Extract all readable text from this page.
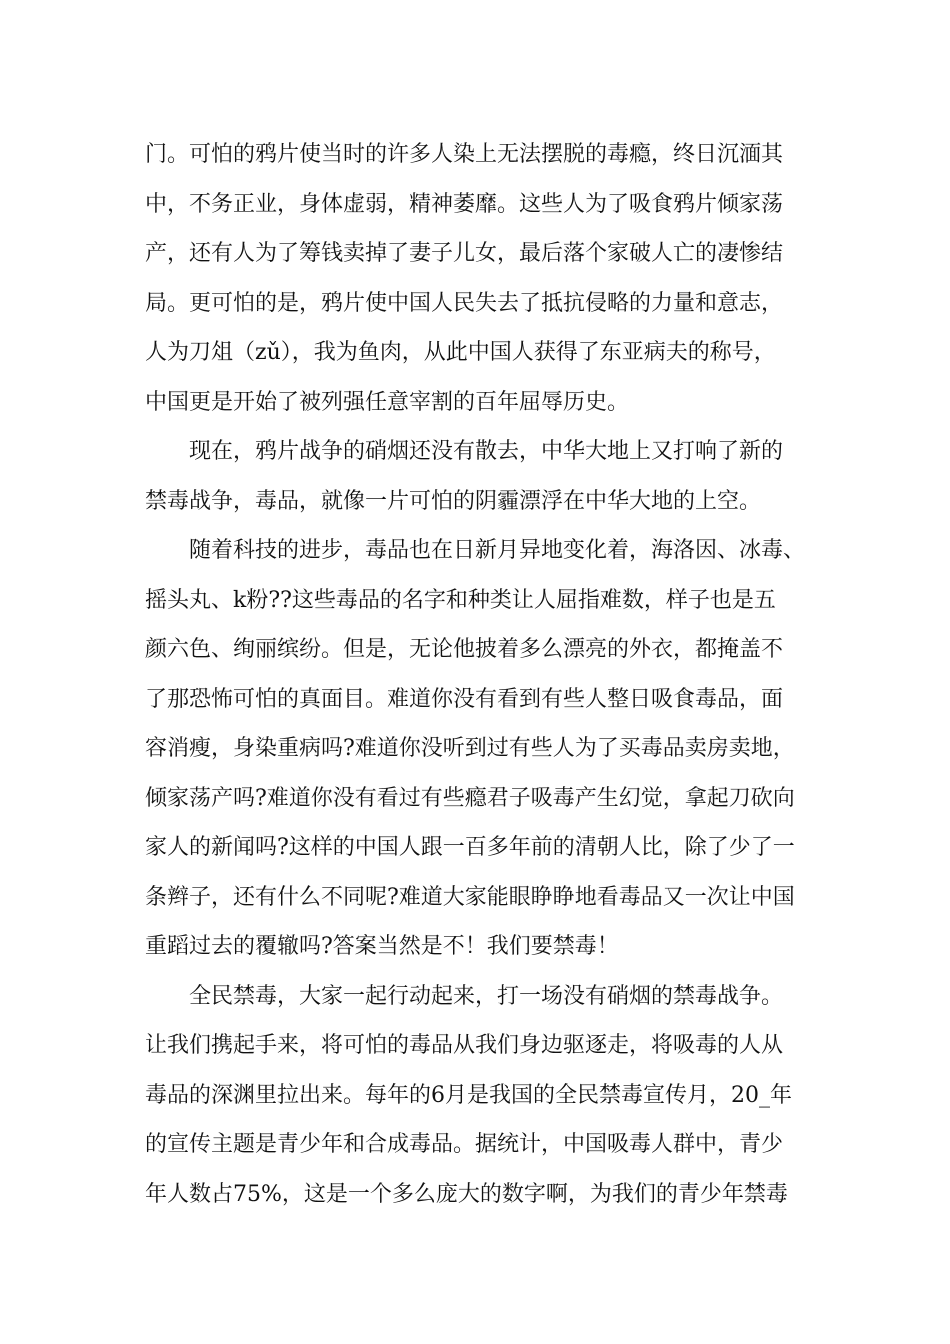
门。可怕的鸦片使当时的许多人染上无法摆脱的毒瘾，终日沉湎其
中，不务正业，身体虚弱，精神萎靡。这些人为了吸食鸦片倾家荡
产，还有人为了筹钱卖掉了妻子儿女，最后落个家破人亡的凄惨结
局。更可怕的是，鸦片使中国人民失去了抵抗侵略的力量和意志，
人为刀俎（zǔ），我为鱼肉，从此中国人获得了东亚病夫的称号，
中国更是开始了被列强任意宰割的百年屈辱历史。
现在，鸦片战争的硝烟还没有散去，中华大地上又打响了新的
禁毒战争，毒品，就像一片可怕的阴霾漂浮在中华大地的上空。
随着科技的进步，毒品也在日新月异地变化着，海洛因、冰毒、
摇头丸、k粉??这些毒品的名字和种类让人屈指难数，样子也是五
颜六色、绚丽缤纷。但是，无论他披着多么漂亮的外衣，都掩盖不
了那恐怖可怕的真面目。难道你没有看到有些人整日吸食毒品，面
容消瘦，身染重病吗?难道你没听到过有些人为了买毒品卖房卖地，
倾家荡产吗?难道你没有看过有些瘾君子吸毒产生幻觉，拿起刀砍向
家人的新闻吗?这样的中国人跟一百多年前的清朝人比，除了少了一
条辫子，还有什么不同呢?难道大家能眼睁睁地看毒品又一次让中国
重蹈过去的覆辙吗?答案当然是不！我们要禁毒！
全民禁毒，大家一起行动起来，打一场没有硝烟的禁毒战争。
让我们携起手来，将可怕的毒品从我们身边驱逐走，将吸毒的人从
毒品的深渊里拉出来。每年的6月是我国的全民禁毒宣传月，20_年
的宣传主题是青少年和合成毒品。据统计，中国吸毒人群中，青少
年人数占75%，这是一个多么庞大的数字啊，为我们的青少年禁毒
